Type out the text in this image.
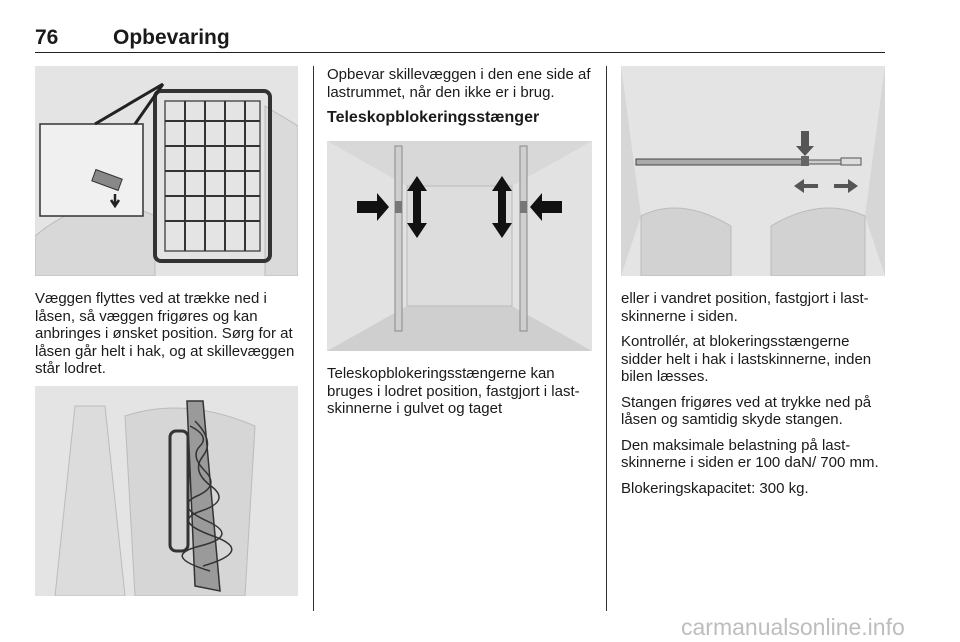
76	Opbevaring

Væggen flyttes ved at trække ned i låsen, så væggen frigøres og kan anbringes i ønsket position. Sørg for at låsen går helt i hak, og at skillevæggen står lodret.

Opbevar skillevæggen i den ene side af lastrummet, når den ikke er i brug.

Teleskopblokeringsstænger

Teleskopblokeringsstængerne kan bruges i lodret position, fastgjort i lastskinnerne i gulvet og taget

eller i vandret position, fastgjort i lastskinnerne i siden.

Kontrollér, at blokeringsstængerne sidder helt i hak i lastskinnerne, inden bilen læsses.

Stangen frigøres ved at trykke ned på låsen og samtidig skyde stangen.

Den maksimale belastning på lastskinnerne i siden er 100 daN/ 700 mm.

Blokeringskapacitet: 300 kg.

carmanualsonline.info
